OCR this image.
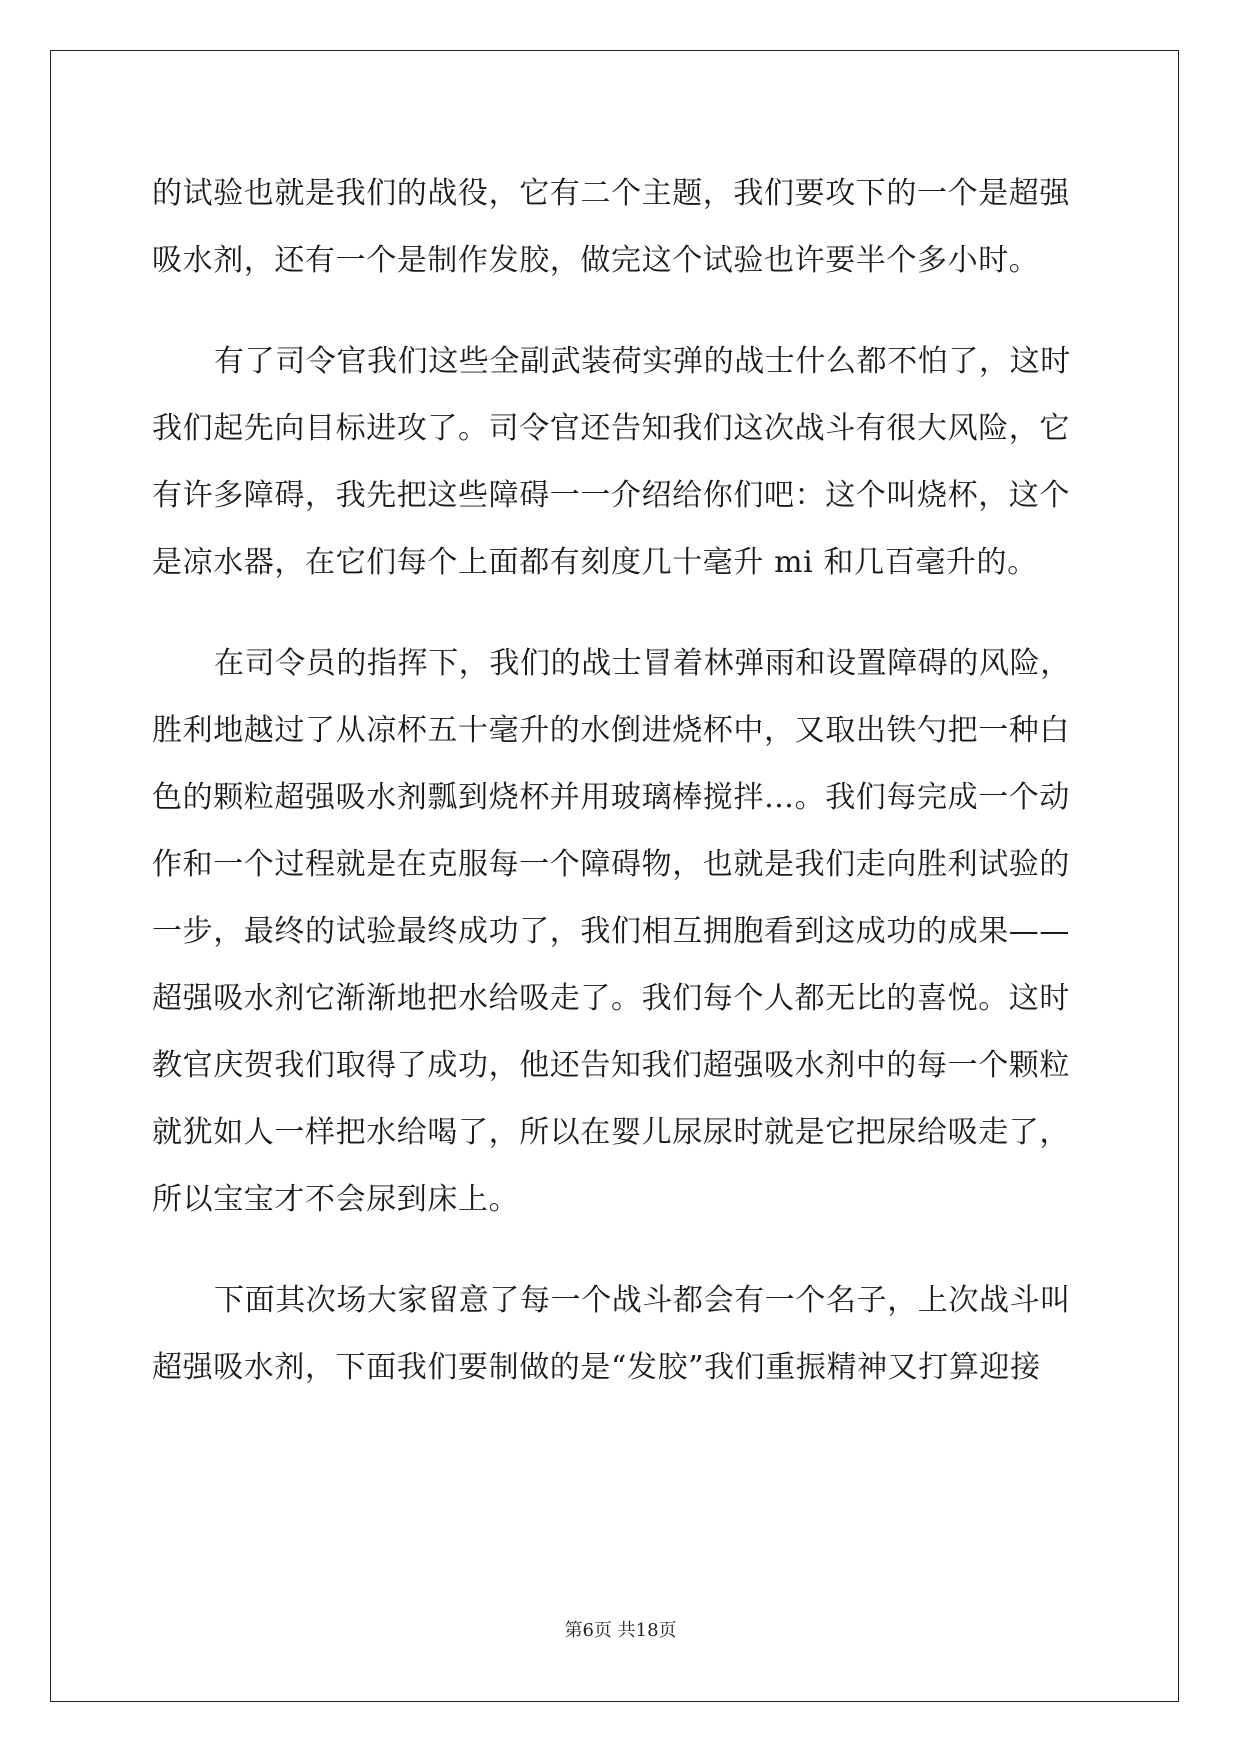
的试验也就是我们的战役，它有二个主题，我们要攻下的一个是超强
吸水剂，还有一个是制作发胶，做完这个试验也许要半个多小时。
有了司令官我们这些全副武装荷实弹的战士什么都不怕了，这时
我们起先向目标进攻了。司令官还告知我们这次战斗有很大风险，它
有许多障碍，我先把这些障碍一一介绍给你们吧：这个叫烧杯，这个
是凉水器，在它们每个上面都有刻度几十毫升 mi 和几百毫升的。
在司令员的指挥下，我们的战士冒着林弹雨和设置障碍的风险，
胜利地越过了从凉杯五十毫升的水倒进烧杯中，又取出铁勺把一种白
色的颗粒超强吸水剂瓢到烧杯并用玻璃棒搅拌…。我们每完成一个动
作和一个过程就是在克服每一个障碍物，也就是我们走向胜利试验的
一步，最终的试验最终成功了，我们相互拥胞看到这成功的成果——
超强吸水剂它渐渐地把水给吸走了。我们每个人都无比的喜悦。这时
教官庆贺我们取得了成功，他还告知我们超强吸水剂中的每一个颗粒
就犹如人一样把水给喝了，所以在婴儿尿尿时就是它把尿给吸走了，
所以宝宝才不会尿到床上。
下面其次场大家留意了每一个战斗都会有一个名子，上次战斗叫
超强吸水剂，下面我们要制做的是“发胶”我们重振精神又打算迎接
第6页 共18页
